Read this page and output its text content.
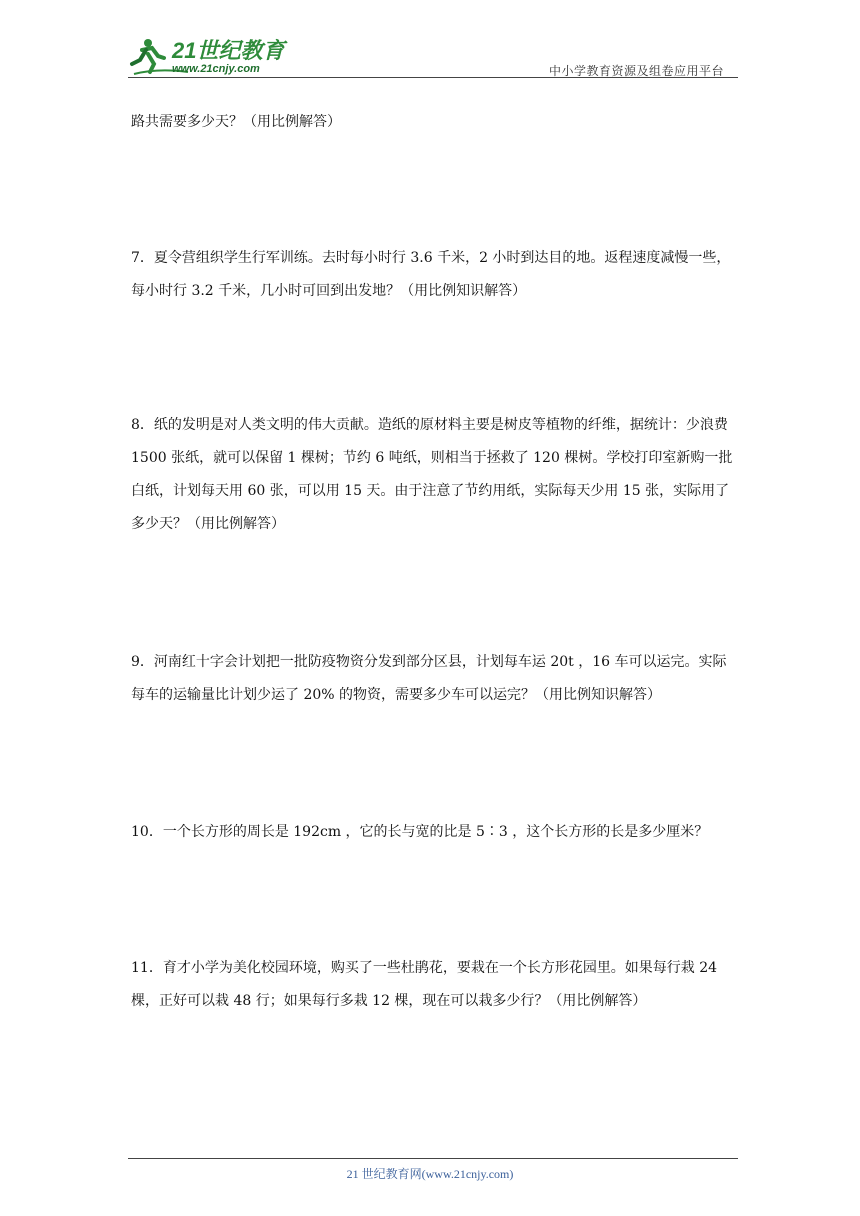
21世纪教育
www.21cnjy.com	中小学教育资源及组卷应用平台
路共需要多少天？（用比例解答）
7．夏令营组织学生行军训练。去时每小时行 3.6 千米，2 小时到达目的地。返程速度减慢一些，每小时行 3.2 千米，几小时可回到出发地？（用比例知识解答）
8．纸的发明是对人类文明的伟大贡献。造纸的原材料主要是树皮等植物的纤维，据统计：少浪费 1500 张纸，就可以保留 1 棵树；节约 6 吨纸，则相当于拯救了 120 棵树。学校打印室新购一批白纸，计划每天用 60 张，可以用 15 天。由于注意了节约用纸，实际每天少用 15 张，实际用了多少天？（用比例解答）
9．河南红十字会计划把一批防疫物资分发到部分区县，计划每车运 20t ，16 车可以运完。实际每车的运输量比计划少运了 20% 的物资，需要多少车可以运完？（用比例知识解答）
10．一个长方形的周长是 192cm ，它的长与宽的比是 5∶3 ，这个长方形的长是多少厘米？
11．育才小学为美化校园环境，购买了一些杜鹃花，要栽在一个长方形花园里。如果每行栽 24 棵，正好可以栽 48 行；如果每行多栽 12 棵，现在可以栽多少行？（用比例解答）
21 世纪教育网(www.21cnjy.com)
